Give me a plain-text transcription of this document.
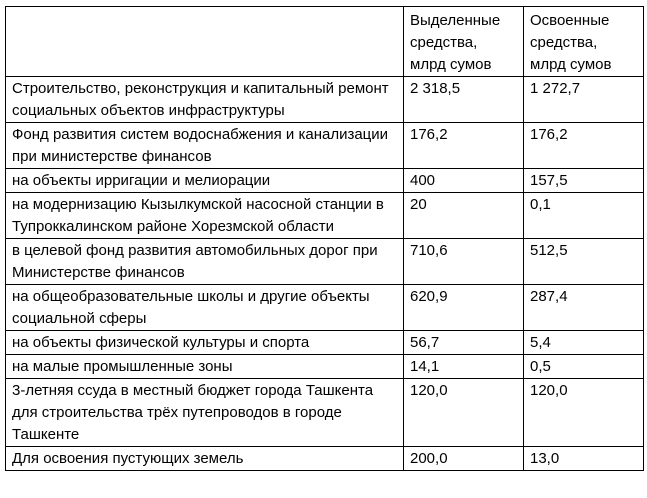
	Выделенные средства, млрд сумов	Освоенные средства, млрд сумов
Строительство, реконструкция и капитальный ремонт социальных объектов инфраструктуры	2 318,5	1 272,7
Фонд развития систем водоснабжения и канализации при министерстве финансов	176,2	176,2
на объекты ирригации и мелиорации	400	157,5
на модернизацию Кызылкумской насосной станции в Тупроккалинском районе Хорезмской области	20	0,1
в целевой фонд развития автомобильных дорог при Министерстве финансов	710,6	512,5
на общеобразовательные школы и другие объекты социальной сферы	620,9	287,4
на объекты физической культуры и спорта	56,7	5,4
на малые промышленные зоны	14,1	0,5
3-летняя ссуда в местный бюджет города Ташкента для строительства трёх путепроводов в городе Ташкенте	120,0	120,0
Для освоения пустующих земель	200,0	13,0
